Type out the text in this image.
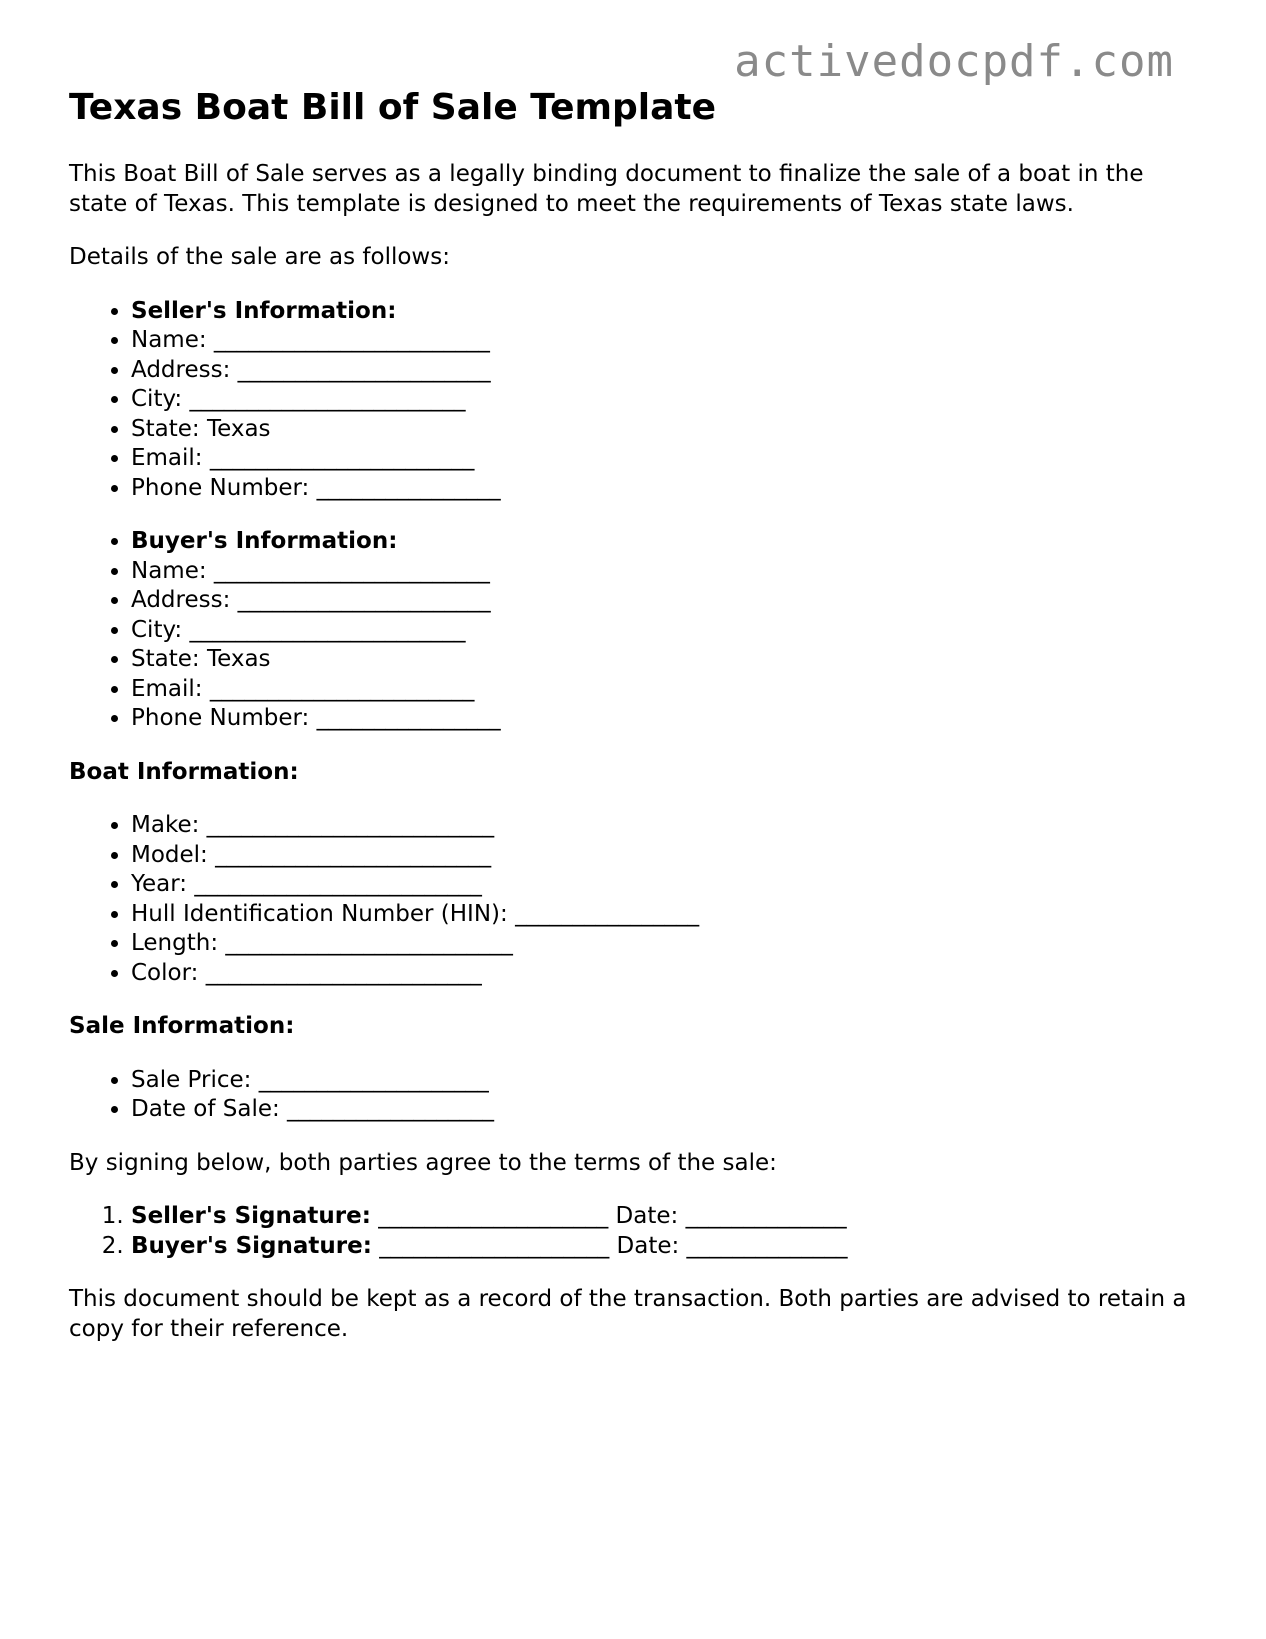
activedocpdf.com
Texas Boat Bill of Sale Template

This Boat Bill of Sale serves as a legally binding document to finalize the sale of a boat in the state of Texas. This template is designed to meet the requirements of Texas state laws.

Details of the sale are as follows:

• Seller's Information:
• Name: ________________________
• Address: ______________________
• City: ________________________
• State: Texas
• Email: _______________________
• Phone Number: ________________
• Buyer's Information:
• Name: ________________________
• Address: ______________________
• City: ________________________
• State: Texas
• Email: _______________________
• Phone Number: ________________
Boat Information:
• Make: _________________________
• Model: ________________________
• Year: _________________________
• Hull Identification Number (HIN): ________________
• Length: _________________________
• Color: ________________________
Sale Information:
• Sale Price: ____________________
• Date of Sale: __________________

By signing below, both parties agree to the terms of the sale:

1. Seller's Signature: ____________________ Date: ______________
2. Buyer's Signature: ____________________ Date: ______________

This document should be kept as a record of the transaction. Both parties are advised to retain a copy for their reference.
